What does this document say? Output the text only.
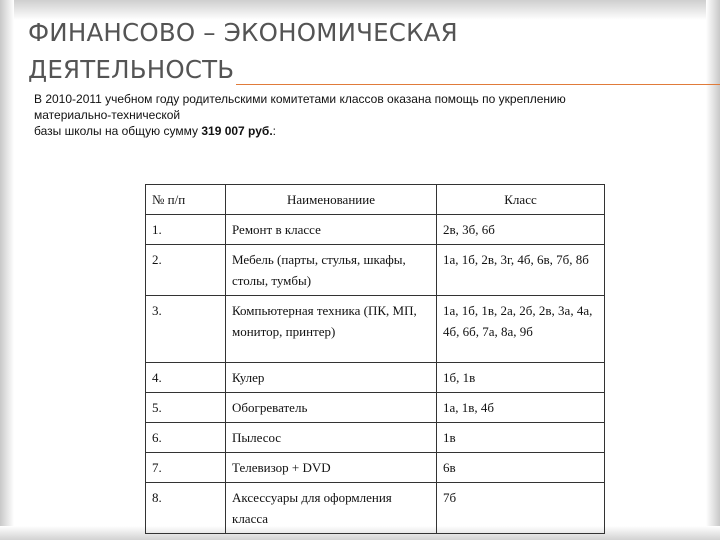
ФИНАНСОВО – ЭКОНОМИЧЕСКАЯ
ДЕЯТЕЛЬНОСТЬ

В 2010-2011 учебном году родительскими комитетами классов оказана помощь по укреплению

материально-технической

базы школы на общую сумму 319 007 руб.:

№ п/п	Наименованиие	Класс
1.	Ремонт в классе	2в, 3б, 6б
2.	Мебель (парты, стулья, шкафы, столы, тумбы)	1а, 1б, 2в, 3г, 4б, 6в, 7б, 8б
3.	Компьютерная техника (ПК, МП, монитор, принтер)	1а, 1б, 1в, 2а, 2б, 2в, 3а, 4а, 4б, 6б, 7а, 8а, 9б
4.	Кулер	1б, 1в
5.	Обогреватель	1а, 1в, 4б
6.	Пылесос	1в
7.	Телевизор + DVD	6в
8.	Аксессуары для оформления класса	7б
